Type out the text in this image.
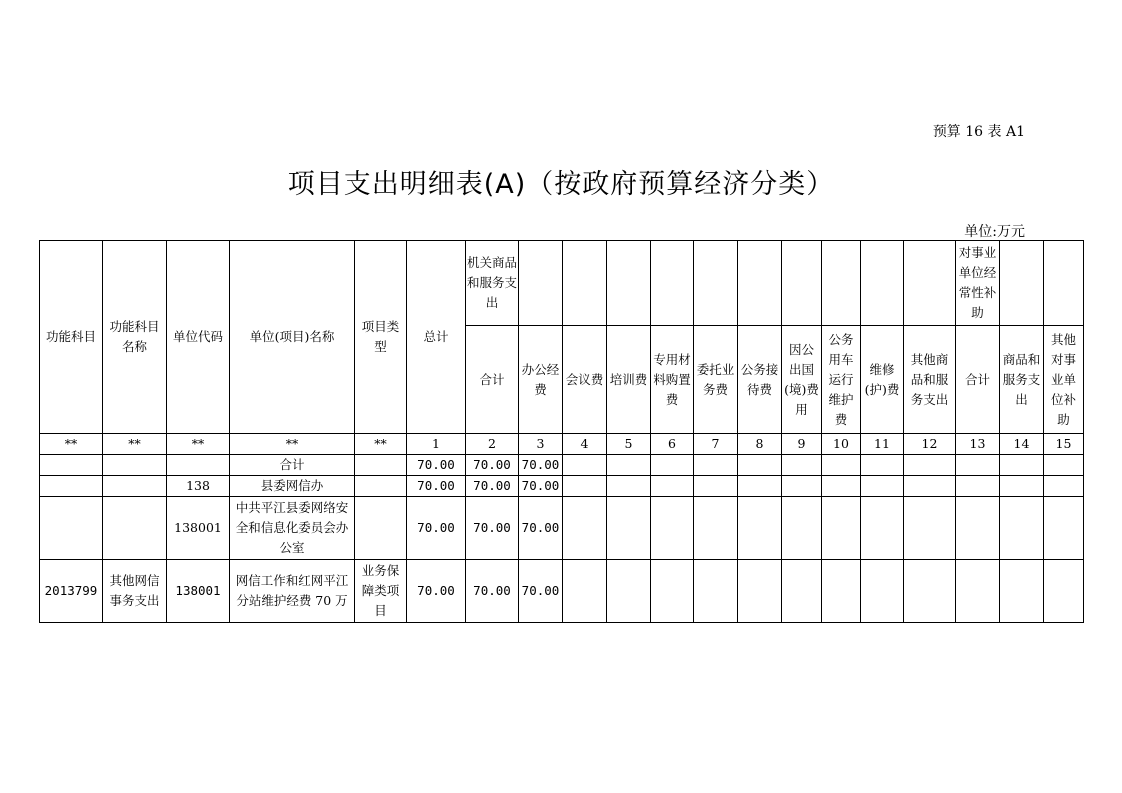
预算 16 表 A1
项目支出明细表(A)（按政府预算经济分类）
单位:万元
功能科目	功能科目名称	单位代码	单位(项目)名称	项目类型	总计	机关商品和服务支出											对事业单位经常性补助		
						合计	办公经费	会议费	培训费	专用材料购置费	委托业务费	公务接待费	因公出国(境)费用	公务用车运行维护费	维修(护)费	其他商品和服务支出	合计	商品和服务支出	其他对事业单位补助
**	**	**	**	**	1	2	3	4	5	6	7	8	9	10	11	12	13	14	15
			合计		70.00	70.00	70.00												
		138	县委网信办		70.00	70.00	70.00												
		138001	中共平江县委网络安全和信息化委员会办公室		70.00	70.00	70.00												
2013799	其他网信事务支出	138001	网信工作和红网平江分站维护经费 70 万	业务保障类项目	70.00	70.00	70.00												
